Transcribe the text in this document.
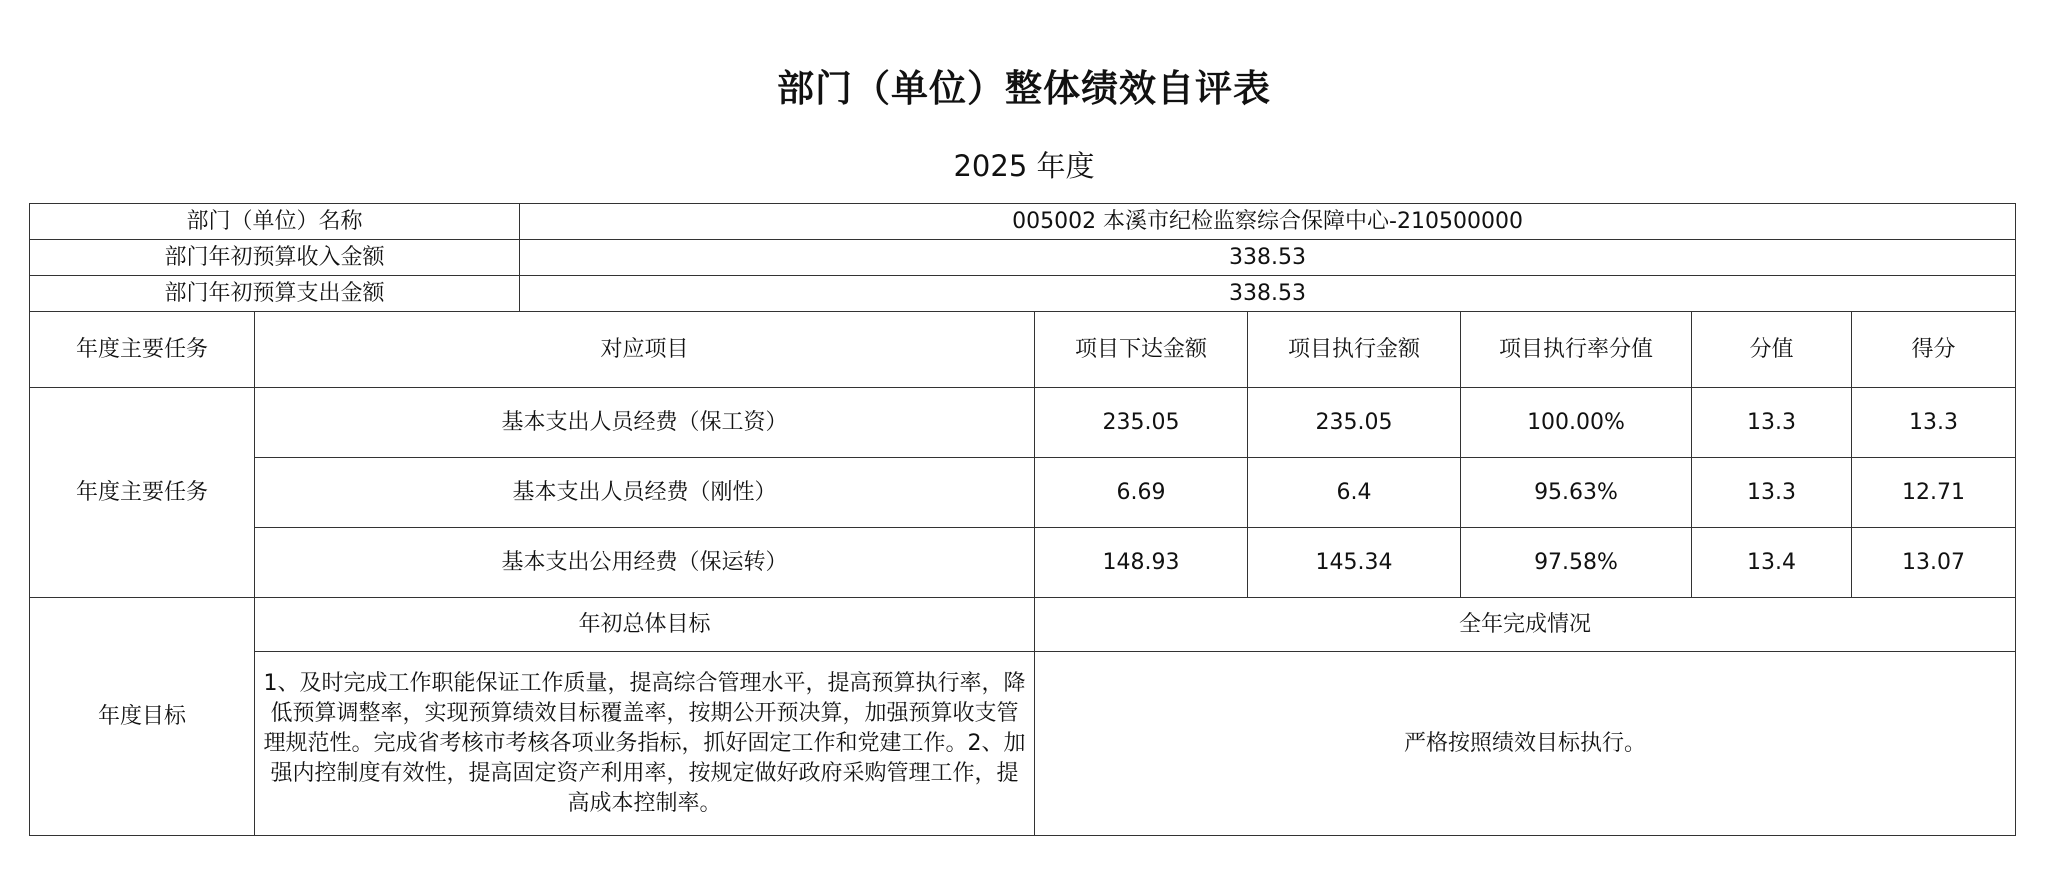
部门（单位）整体绩效自评表
2025 年度
部门（单位）名称		005002 本溪市纪检监察综合保障中心-210500000					
部门年初预算收入金额		338.53					
部门年初预算支出金额		338.53					
年度主要任务	对应项目		项目下达金额	项目执行金额	项目执行率分值	分值	得分
年度主要任务	基本支出人员经费（保工资）		235.05	235.05	100.00%	13.3	13.3
	基本支出人员经费（刚性）		6.69	6.4	95.63%	13.3	12.71
	基本支出公用经费（保运转）		148.93	145.34	97.58%	13.4	13.07
年度目标	年初总体目标		全年完成情况				
	1、及时完成工作职能保证工作质量，提高综合管理水平，提高预算执行率，降低预算调整率，实现预算绩效目标覆盖率，按期公开预决算，加强预算收支管理规范性。完成省考核市考核各项业务指标，抓好固定工作和党建工作。2、加强内控制度有效性，提高固定资产利用率，按规定做好政府采购管理工作，提高成本控制率。		严格按照绩效目标执行。				
